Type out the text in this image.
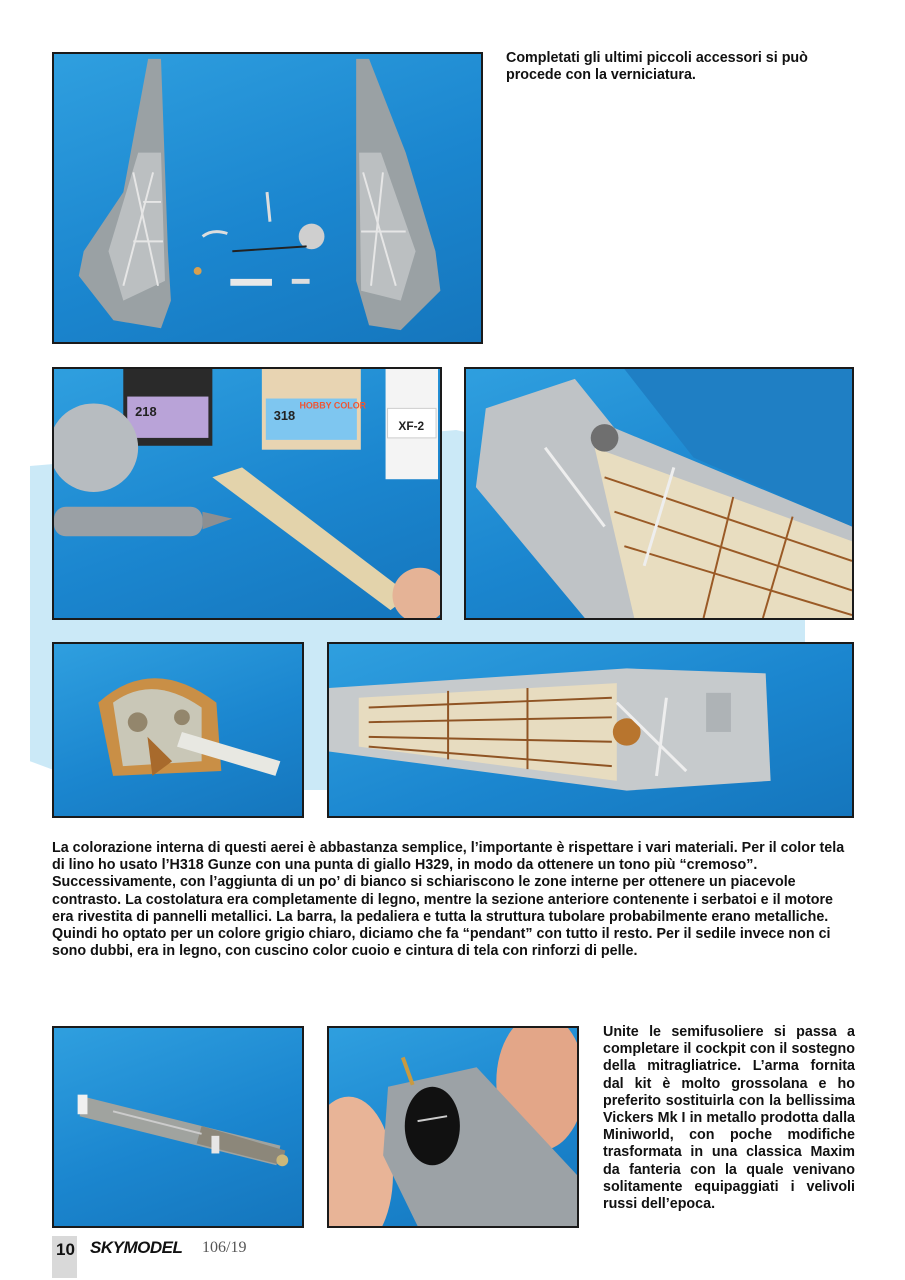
218	318
HOBBY COLOR
XF-2
Completati gli ultimi piccoli accessori si può procede con la verniciatura.
La colorazione interna di questi aerei è abbastanza semplice, l’importante è rispettare i vari materiali. Per il color tela di lino ho usato l’H318 Gunze con una punta di giallo H329, in modo da ottenere un tono più “cremoso”. Successivamente, con l’aggiunta di un po’ di bianco si schiariscono le zone interne per ottenere un piacevole contrasto. La costolatura era completamente di legno, mentre la sezione anteriore contenente i serbatoi e il motore era rivestita di pannelli metallici. La barra, la pedaliera e tutta la struttura tubolare probabilmente erano metalliche. Quindi ho optato per un colore grigio chiaro, diciamo che fa “pendant” con tutto il resto. Per il sedile invece non ci sono dubbi, era in legno, con cuscino color cuoio e cintura di tela con rinforzi di pelle.
Unite le semifusoliere si passa a completare il cockpit con il sostegno della mitragliatrice. L’arma fornita dal kit è molto grossolana e ho preferito sostituirla con la bellissima Vickers Mk I in metallo prodotta dalla Miniworld, con poche modifiche trasformata in una classica Maxim da fanteria con la quale venivano solitamente equipaggiati i velivoli russi dell’epoca.
10 SKYMODEL 106/19
